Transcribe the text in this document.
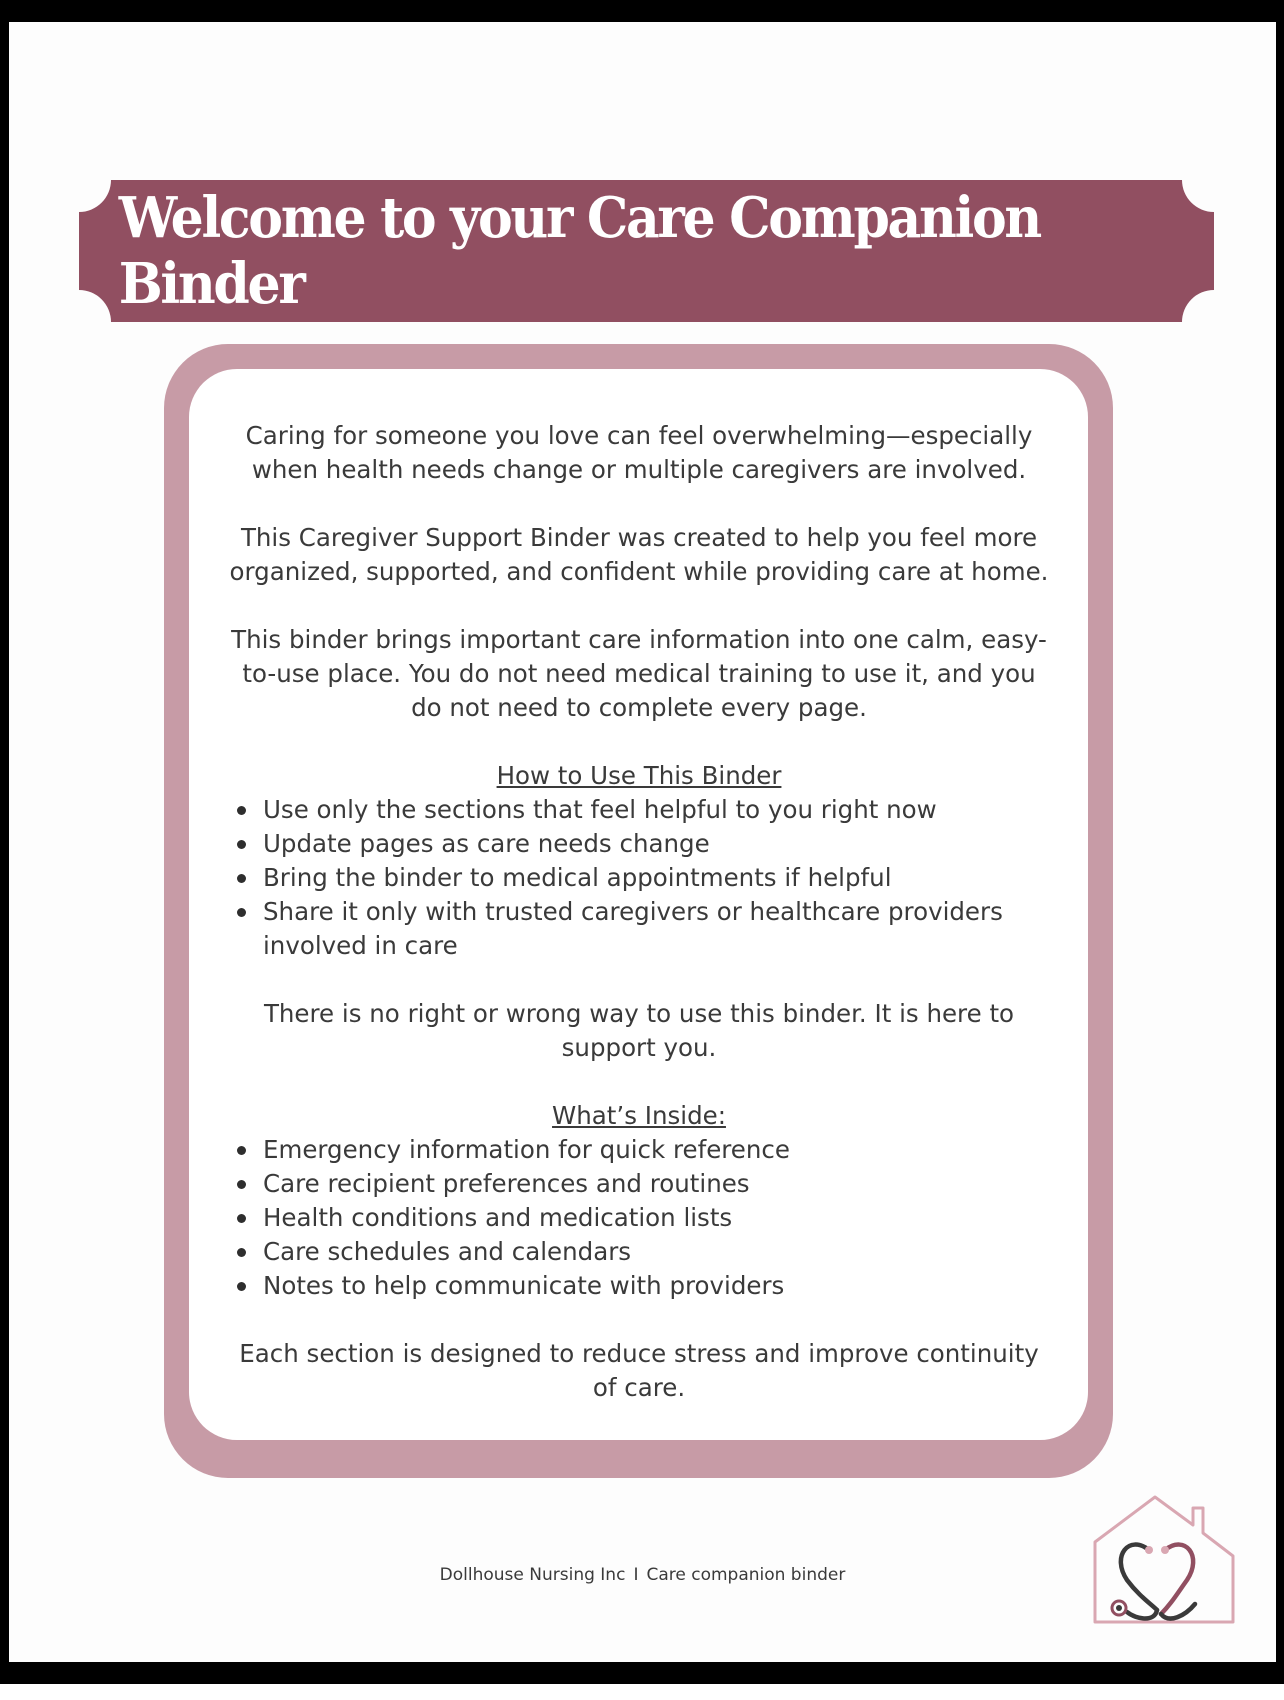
Welcome to your Care Companion Binder

Caring for someone you love can feel overwhelming—especially when health needs change or multiple caregivers are involved.

This Caregiver Support Binder was created to help you feel more organized, supported, and confident while providing care at home.

This binder brings important care information into one calm, easy-to-use place. You do not need medical training to use it, and you do not need to complete every page.

How to Use This Binder

Use only the sections that feel helpful to you right now
Update pages as care needs change
Bring the binder to medical appointments if helpful
Share it only with trusted caregivers or healthcare providers involved in care

There is no right or wrong way to use this binder. It is here to support you.

What’s Inside:

Emergency information for quick reference
Care recipient preferences and routines
Health conditions and medication lists
Care schedules and calendars
Notes to help communicate with providers

Each section is designed to reduce stress and improve continuity of care.

Dollhouse Nursing Inc I Care companion binder
